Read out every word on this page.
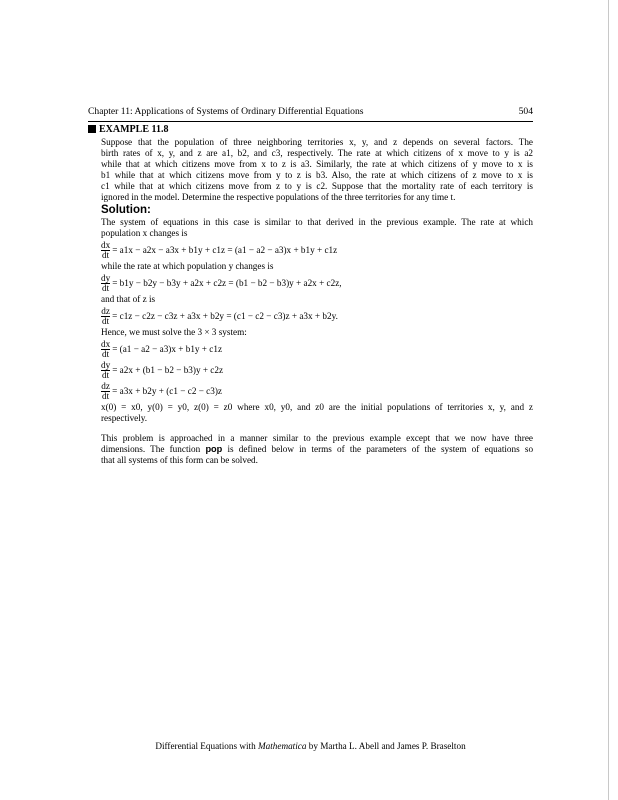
Chapter 11: Applications of Systems of Ordinary Differential Equations	504
EXAMPLE 11.8

Suppose that the population of three neighboring territories x, y, and z depends on several factors. The

birth rates of x, y, and z are a1, b2, and c3, respectively. The rate at which citizens of x move to y is a2

while that at which citizens move from x to z is a3. Similarly, the rate at which citizens of y move to x is

b1 while that at which citizens move from y to z is b3. Also, the rate at which citizens of z move to x is

c1 while that at which citizens move from z to y is c2. Suppose that the mortality rate of each territory is

ignored in the model. Determine the respective populations of the three territories for any time t.

Solution:

The system of equations in this case is similar to that derived in the previous example. The rate at which

population x changes is

$\frac{dx}{dt} = a1x - a2x - a3x + b1y + c1z = (a1 - a2 - a3)x + b1y + c1z$

while the rate at which population y changes is

$\frac{dy}{dt} = b1y - b2y - b3y + a2x + c2z = (b1 - b2 - b3)y + a2x + c2z$,

and that of z is

$\frac{dz}{dt} = c1z - c2z - c3z + a3x + b2y = (c1 - c2 - c3)z + a3x + b2y$.

Hence, we must solve the 3 × 3 system:

$\frac{dx}{dt} = (a1 - a2 - a3)x + b1y + c1z$
$\frac{dy}{dt} = a2x + (b1 - b2 - b3)y + c2z$
$\frac{dz}{dt} = a3x + b2y + (c1 - c2 - c3)z$

x(0) = x0, y(0) = y0, z(0) = z0 where x0, y0, and z0 are the initial populations of territories x, y, and z

respectively.

This problem is approached in a manner similar to the previous example except that we now have three

dimensions. The function pop is defined below in terms of the parameters of the system of equations so

that all systems of this form can be solved.

Differential Equations with Mathematica by Martha L. Abell and James P. Braselton
